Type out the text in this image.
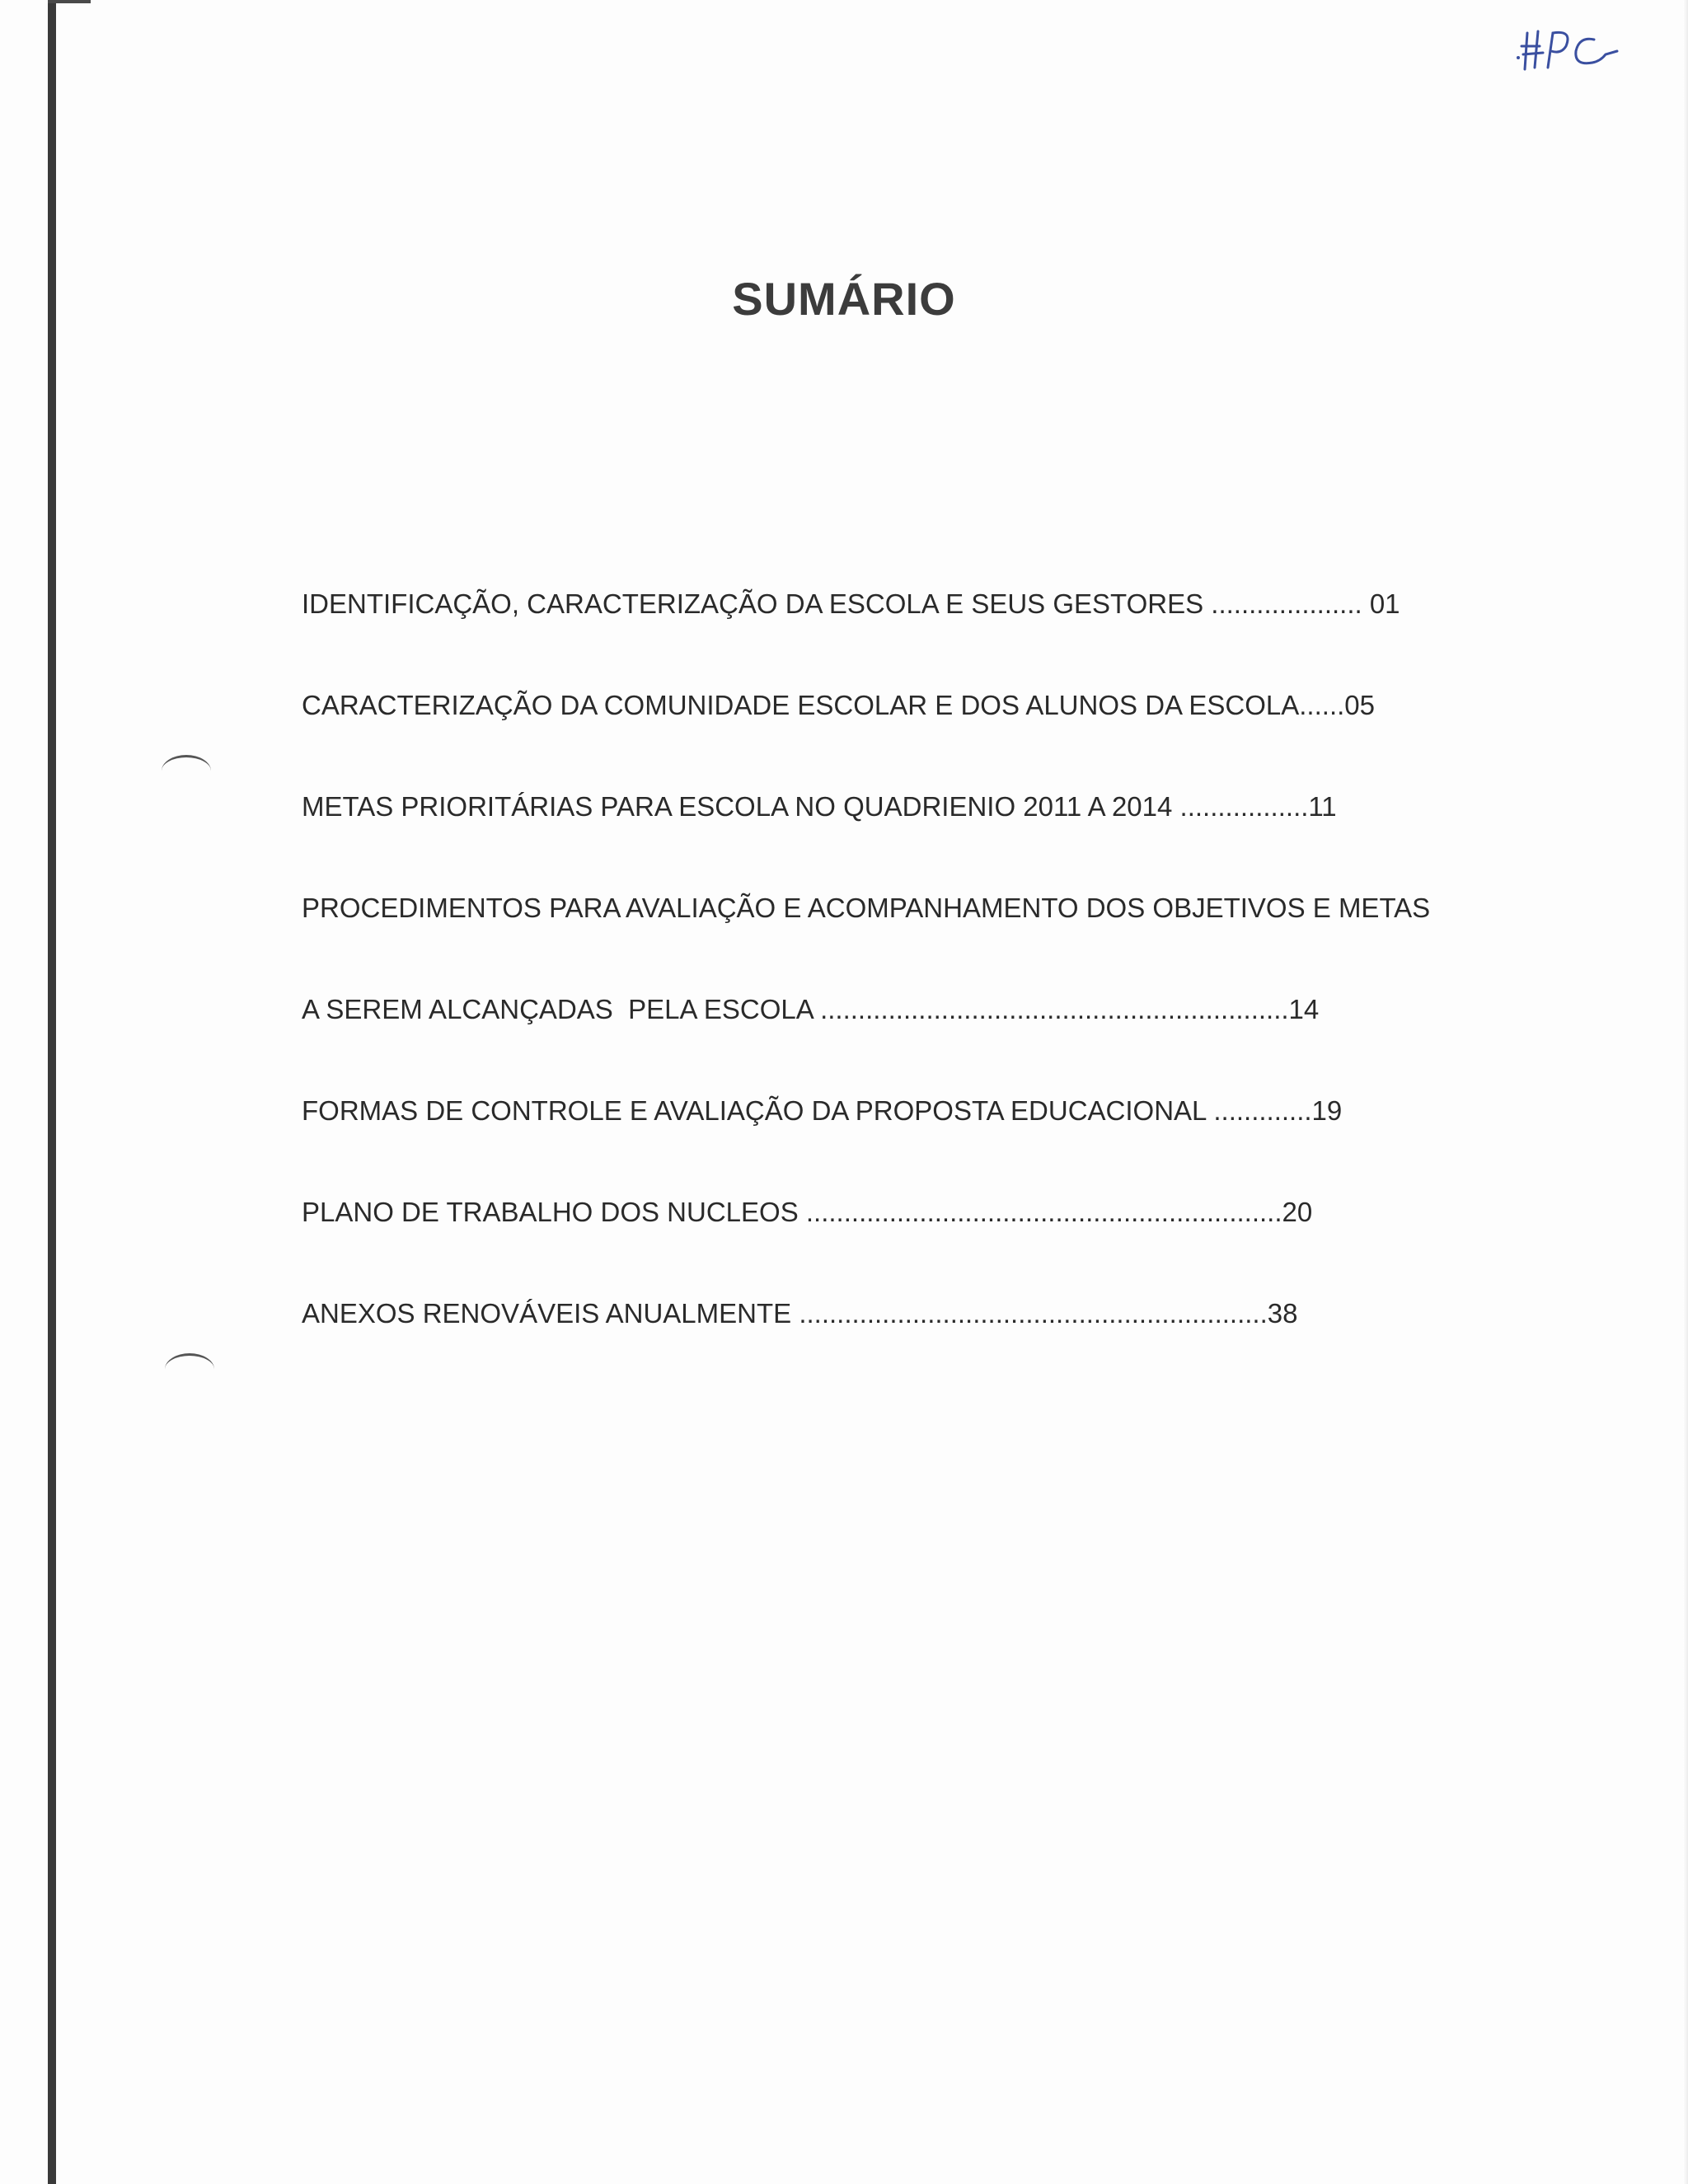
SUMÁRIO
IDENTIFICAÇÃO, CARACTERIZAÇÃO DA ESCOLA E SEUS GESTORES .................... 01
CARACTERIZAÇÃO DA COMUNIDADE ESCOLAR E DOS ALUNOS DA ESCOLA......05
METAS PRIORITÁRIAS PARA ESCOLA NO QUADRIENIO 2011 A 2014 .................11
PROCEDIMENTOS PARA AVALIAÇÃO E ACOMPANHAMENTO DOS OBJETIVOS E METAS
A SEREM ALCANÇADAS  PELA ESCOLA ..............................................................14
FORMAS DE CONTROLE E AVALIAÇÃO DA PROPOSTA EDUCACIONAL .............19
PLANO DE TRABALHO DOS NUCLEOS ...............................................................20
ANEXOS RENOVÁVEIS ANUALMENTE ..............................................................38
